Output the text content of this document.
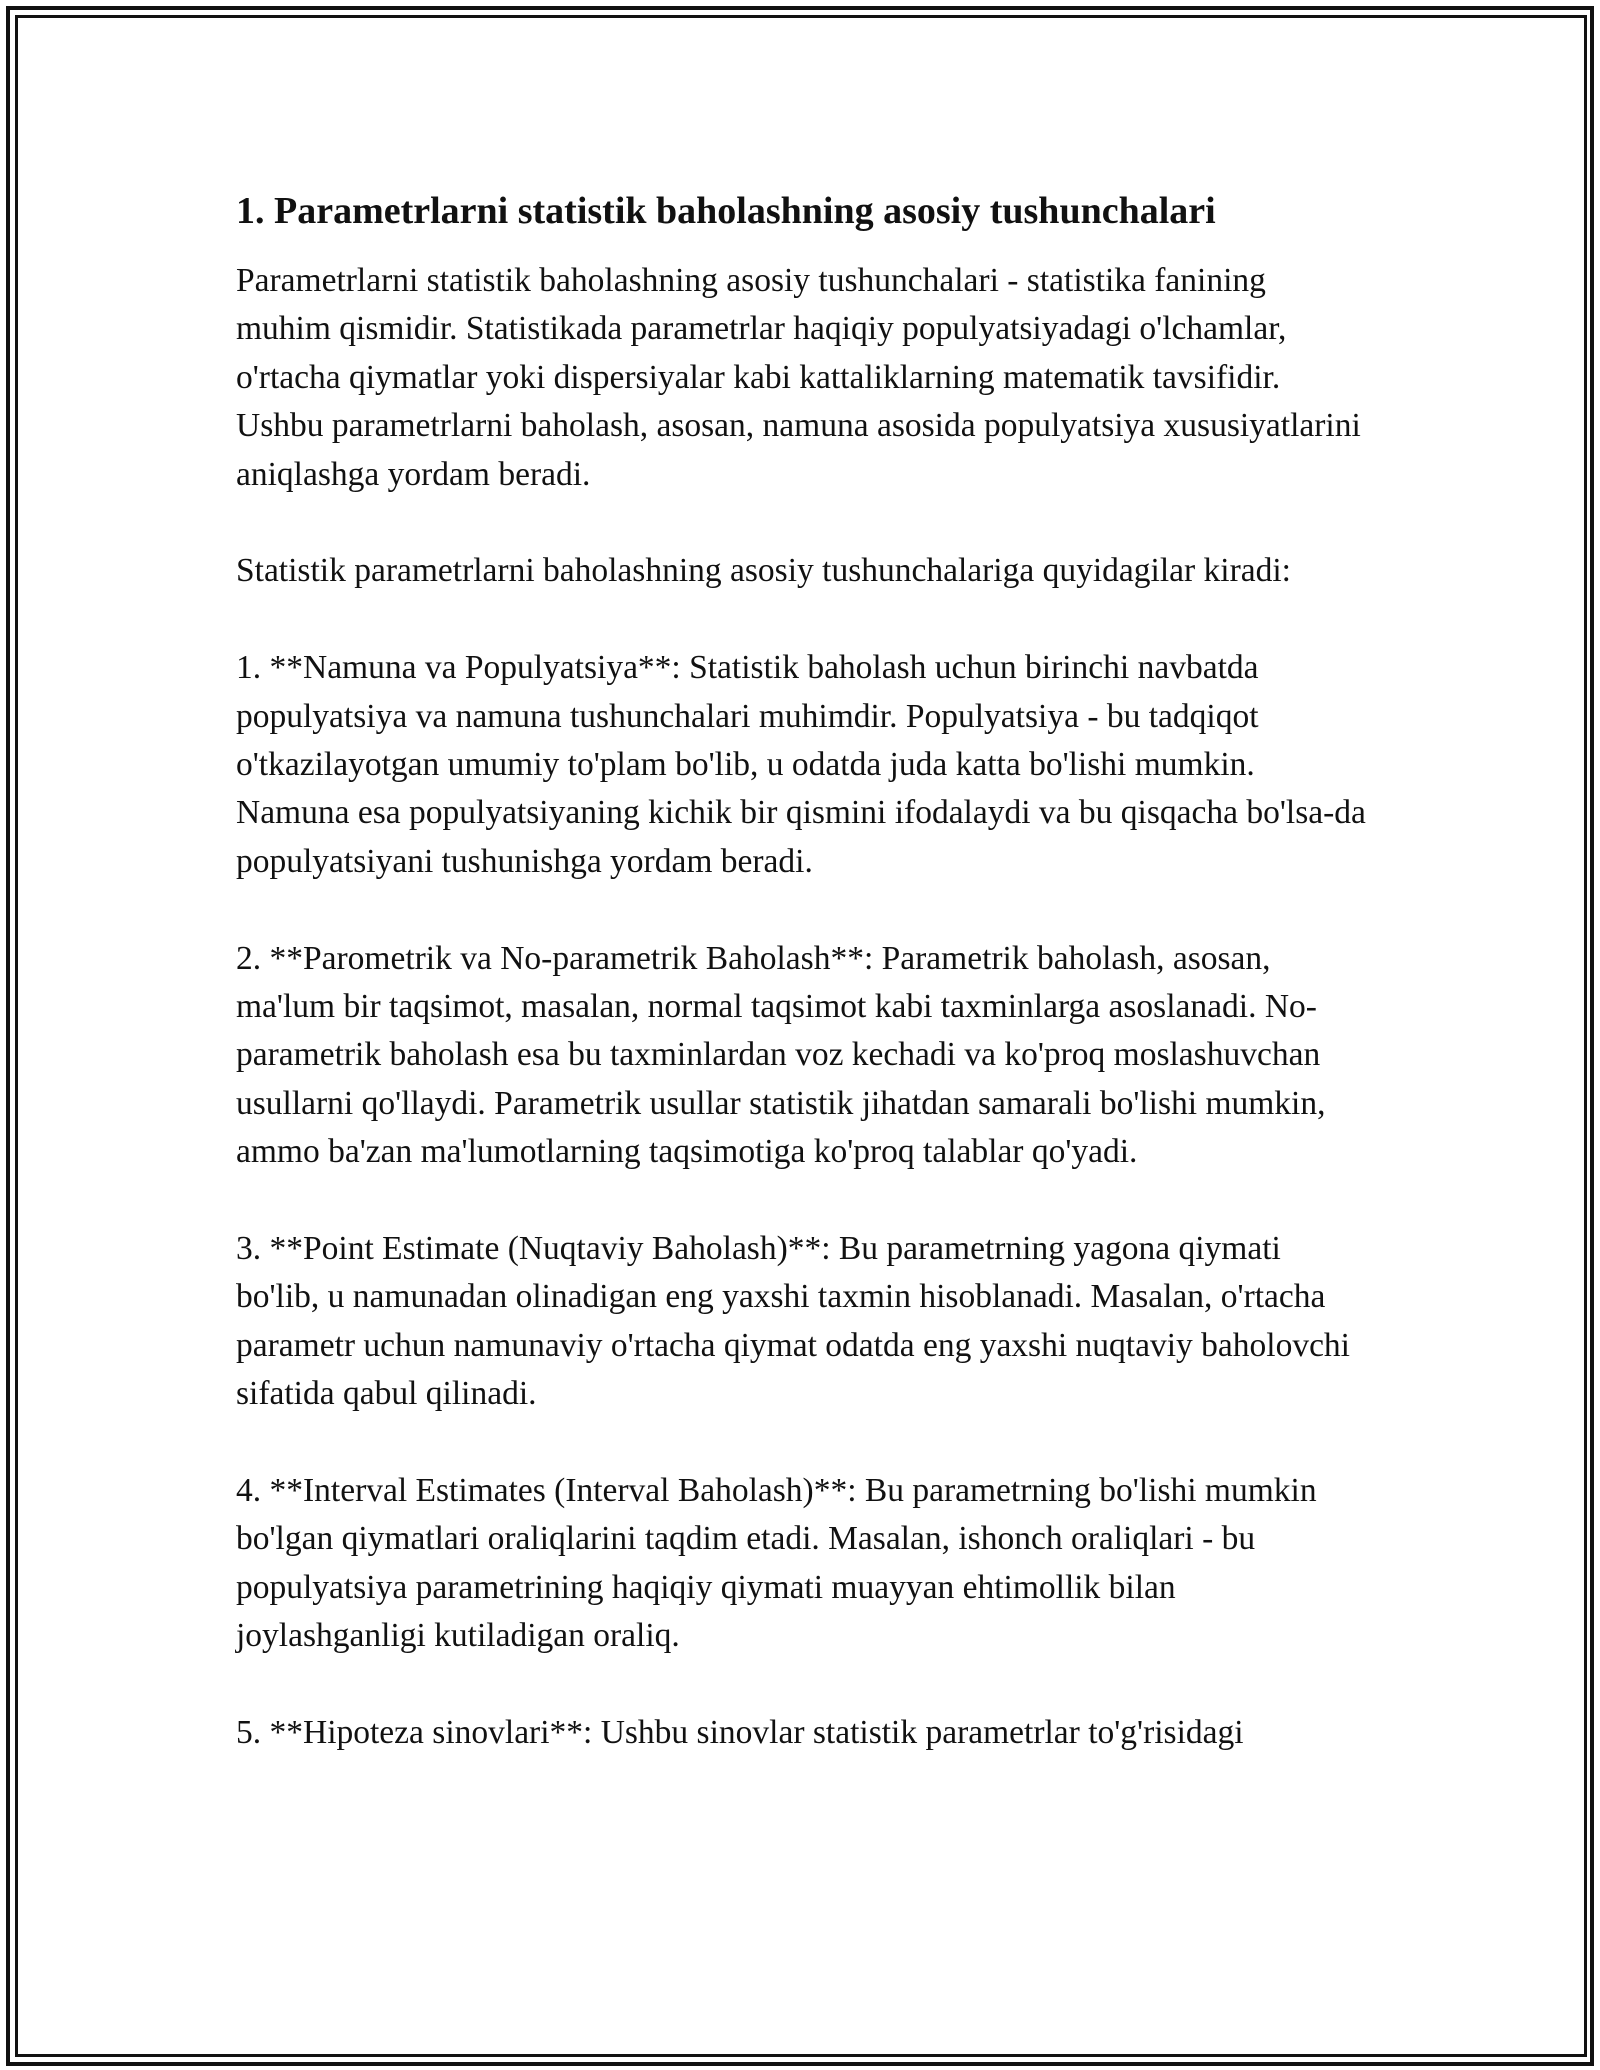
1. Parametrlarni statistik baholashning asosiy tushunchalari

Parametrlarni statistik baholashning asosiy tushunchalari - statistika fanining muhim qismidir. Statistikada parametrlar haqiqiy populyatsiyadagi o'lchamlar, o'rtacha qiymatlar yoki dispersiyalar kabi kattaliklarning matematik tavsifidir. Ushbu parametrlarni baholash, asosan, namuna asosida populyatsiya xususiyatlarini aniqlashga yordam beradi.

Statistik parametrlarni baholashning asosiy tushunchalariga quyidagilar kiradi:

1. **Namuna va Populyatsiya**: Statistik baholash uchun birinchi navbatda populyatsiya va namuna tushunchalari muhimdir. Populyatsiya - bu tadqiqot o'tkazilayotgan umumiy to'plam bo'lib, u odatda juda katta bo'lishi mumkin. Namuna esa populyatsiyaning kichik bir qismini ifodalaydi va bu qisqacha bo'lsa-da populyatsiyani tushunishga yordam beradi.

2. **Parometrik va No-parametrik Baholash**: Parametrik baholash, asosan, ma'lum bir taqsimot, masalan, normal taqsimot kabi taxminlarga asoslanadi. No-parametrik baholash esa bu taxminlardan voz kechadi va ko'proq moslashuvchan usullarni qo'llaydi. Parametrik usullar statistik jihatdan samarali bo'lishi mumkin, ammo ba'zan ma'lumotlarning taqsimotiga ko'proq talablar qo'yadi.

3. **Point Estimate (Nuqtaviy Baholash)**: Bu parametrning yagona qiymati bo'lib, u namunadan olinadigan eng yaxshi taxmin hisoblanadi. Masalan, o'rtacha parametr uchun namunaviy o'rtacha qiymat odatda eng yaxshi nuqtaviy baholovchi sifatida qabul qilinadi.

4. **Interval Estimates (Interval Baholash)**: Bu parametrning bo'lishi mumkin bo'lgan qiymatlari oraliqlarini taqdim etadi. Masalan, ishonch oraliqlari - bu populyatsiya parametrining haqiqiy qiymati muayyan ehtimollik bilan joylashganligi kutiladigan oraliq.

5. **Hipoteza sinovlari**: Ushbu sinovlar statistik parametrlar to'g'risidagi
